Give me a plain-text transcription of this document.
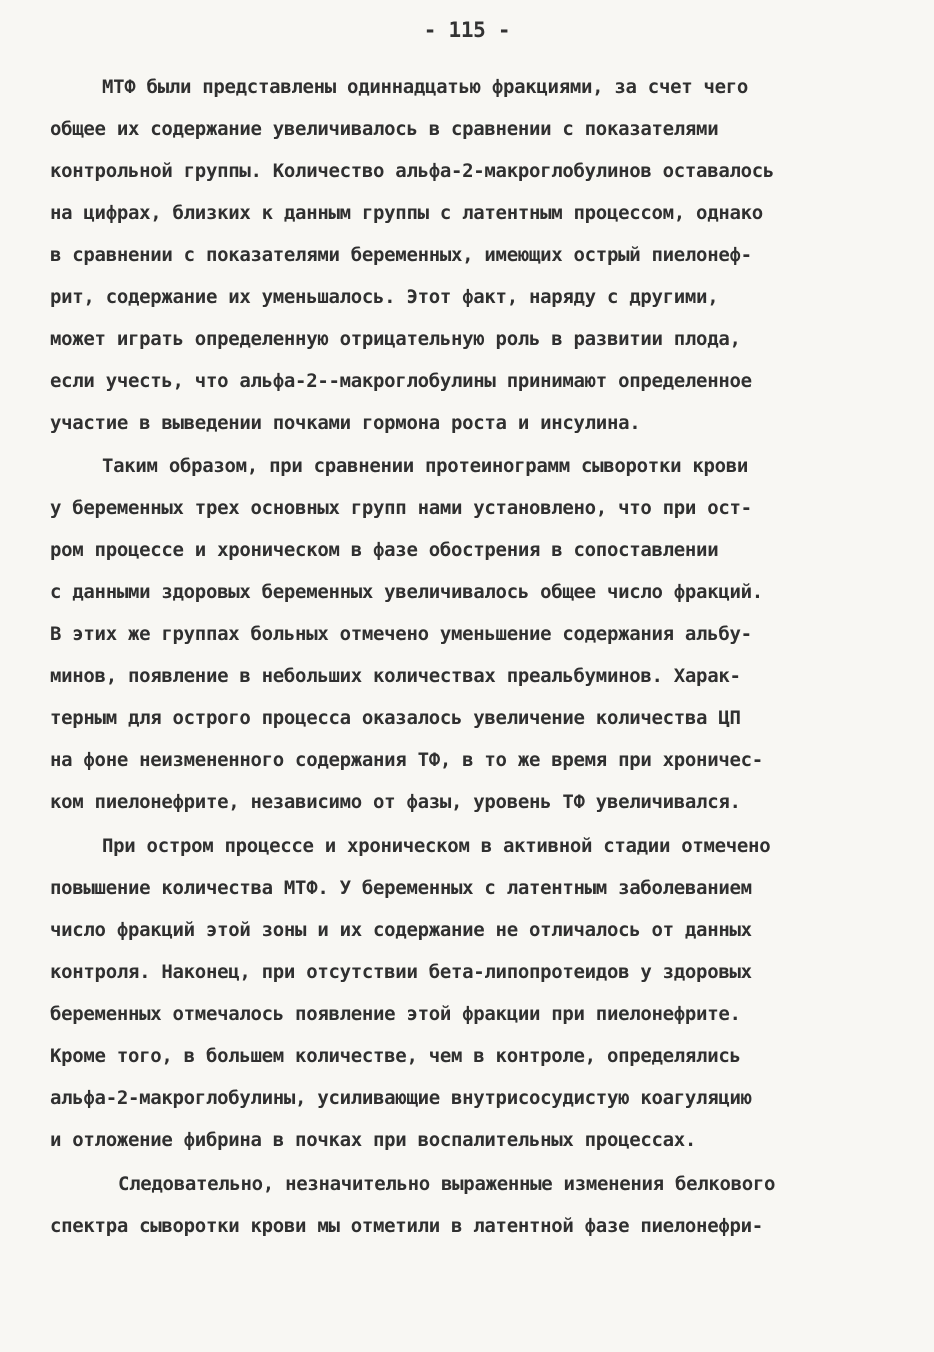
- 115 -
МТФ были представлены одиннадцатью фракциями, за счет чего
общее их содержание увеличивалось в сравнении с показателями
контрольной группы. Количество альфа-2-макроглобулинов оставалось
на цифрах, близких к данным группы с латентным процессом, однако
в сравнении с показателями беременных, имеющих острый пиелонеф-
рит, содержание их уменьшалось. Этот факт, наряду с другими,
может играть определенную отрицательную роль в развитии плода,
если учесть, что альфа-2--макроглобулины принимают определенное
участие в выведении почками гормона роста и инсулина.
Таким образом, при сравнении протеинограмм сыворотки крови
у беременных трех основных групп нами установлено, что при ост-
ром процессе и хроническом в фазе обострения в сопоставлении
с данными здоровых беременных увеличивалось общее число фракций.
В этих же группах больных отмечено уменьшение содержания альбу-
минов, появление в небольших количествах преальбуминов. Харак-
терным для острого процесса оказалось увеличение количества ЦП
на фоне неизмененного содержания ТФ, в то же время при хроничес-
ком пиелонефрите, независимо от фазы, уровень ТФ увеличивался.
При остром процессе и хроническом в активной стадии отмечено
повышение количества МТФ. У беременных с латентным заболеванием
число фракций этой зоны и их содержание не отличалось от данных
контроля. Наконец, при отсутствии бета-липопротеидов у здоровых
беременных отмечалось появление этой фракции при пиелонефрите.
Кроме того, в большем количестве, чем в контроле, определялись
альфа-2-макроглобулины, усиливающие внутрисосудистую коагуляцию
и отложение фибрина в почках при воспалительных процессах.
Следовательно, незначительно выраженные изменения белкового
спектра сыворотки крови мы отметили в латентной фазе пиелонефри-
